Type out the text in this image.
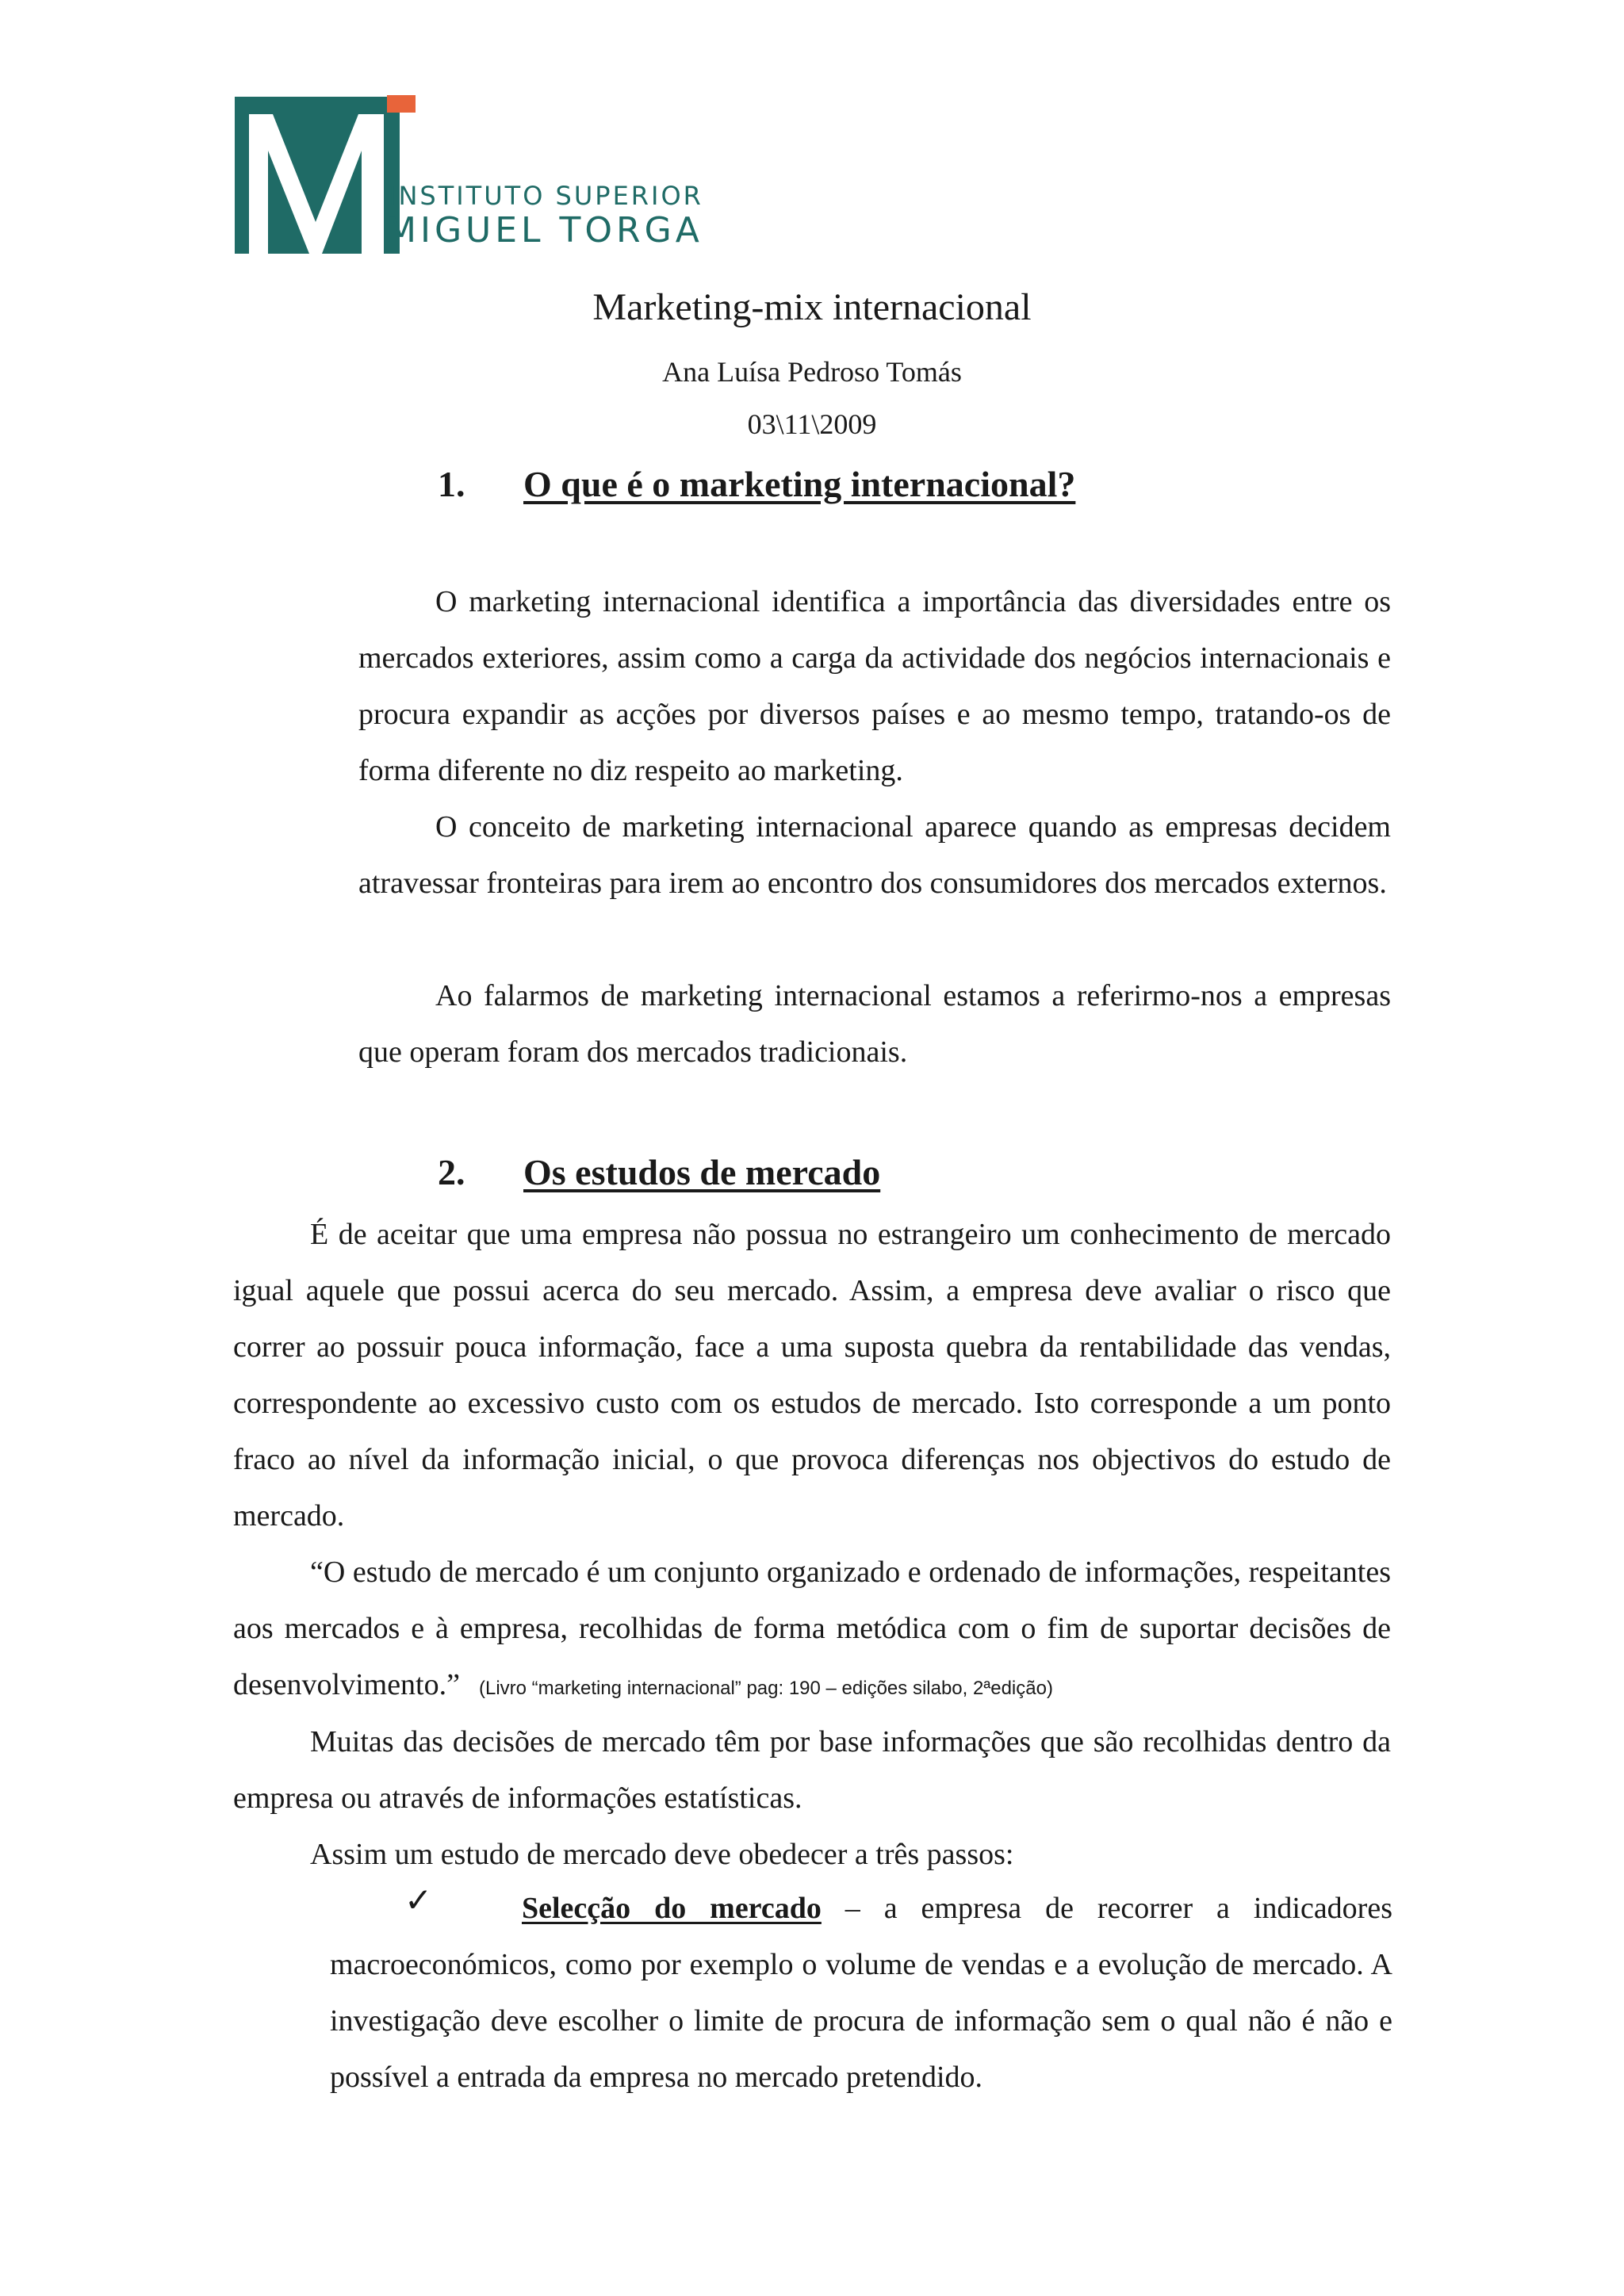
INSTITUTO SUPERIOR
MIGUEL TORGA
Marketing-mix internacional
Ana Luísa Pedroso Tomás
03\11\2009
1. O que é o marketing internacional?

O marketing internacional identifica a importância das diversidades entre os mercados exteriores, assim como a carga da actividade dos negócios internacionais e procura expandir as acções por diversos países e ao mesmo tempo, tratando-os de forma diferente no diz respeito ao marketing.

O conceito de marketing internacional aparece quando as empresas decidem atravessar fronteiras para irem ao encontro dos consumidores dos mercados externos.

Ao falarmos de marketing internacional estamos a referirmo-nos a empresas que operam foram dos mercados tradicionais.

2. Os estudos de mercado

É de aceitar que uma empresa não possua no estrangeiro um conhecimento de mercado igual aquele que possui acerca do seu mercado. Assim, a empresa deve avaliar o risco que correr ao possuir pouca informação, face a uma suposta quebra da rentabilidade das vendas, correspondente ao excessivo custo com os estudos de mercado. Isto corresponde a um ponto fraco ao nível da informação inicial, o que provoca diferenças nos objectivos do estudo de mercado.

“O estudo de mercado é um conjunto organizado e ordenado de informações, respeitantes aos mercados e à empresa, recolhidas de forma metódica com o fim de suportar decisões de desenvolvimento.” (Livro “marketing internacional” pag: 190 – edições silabo, 2ªedição)

Muitas das decisões de mercado têm por base informações que são recolhidas dentro da empresa ou através de informações estatísticas.

Assim um estudo de mercado deve obedecer a três passos:

✓	Selecção do mercado – a empresa de recorrer a indicadores macroeconómicos, como por exemplo o volume de vendas e a evolução de mercado. A investigação deve escolher o limite de procura de informação sem o qual não é não e possível a entrada da empresa no mercado pretendido.
